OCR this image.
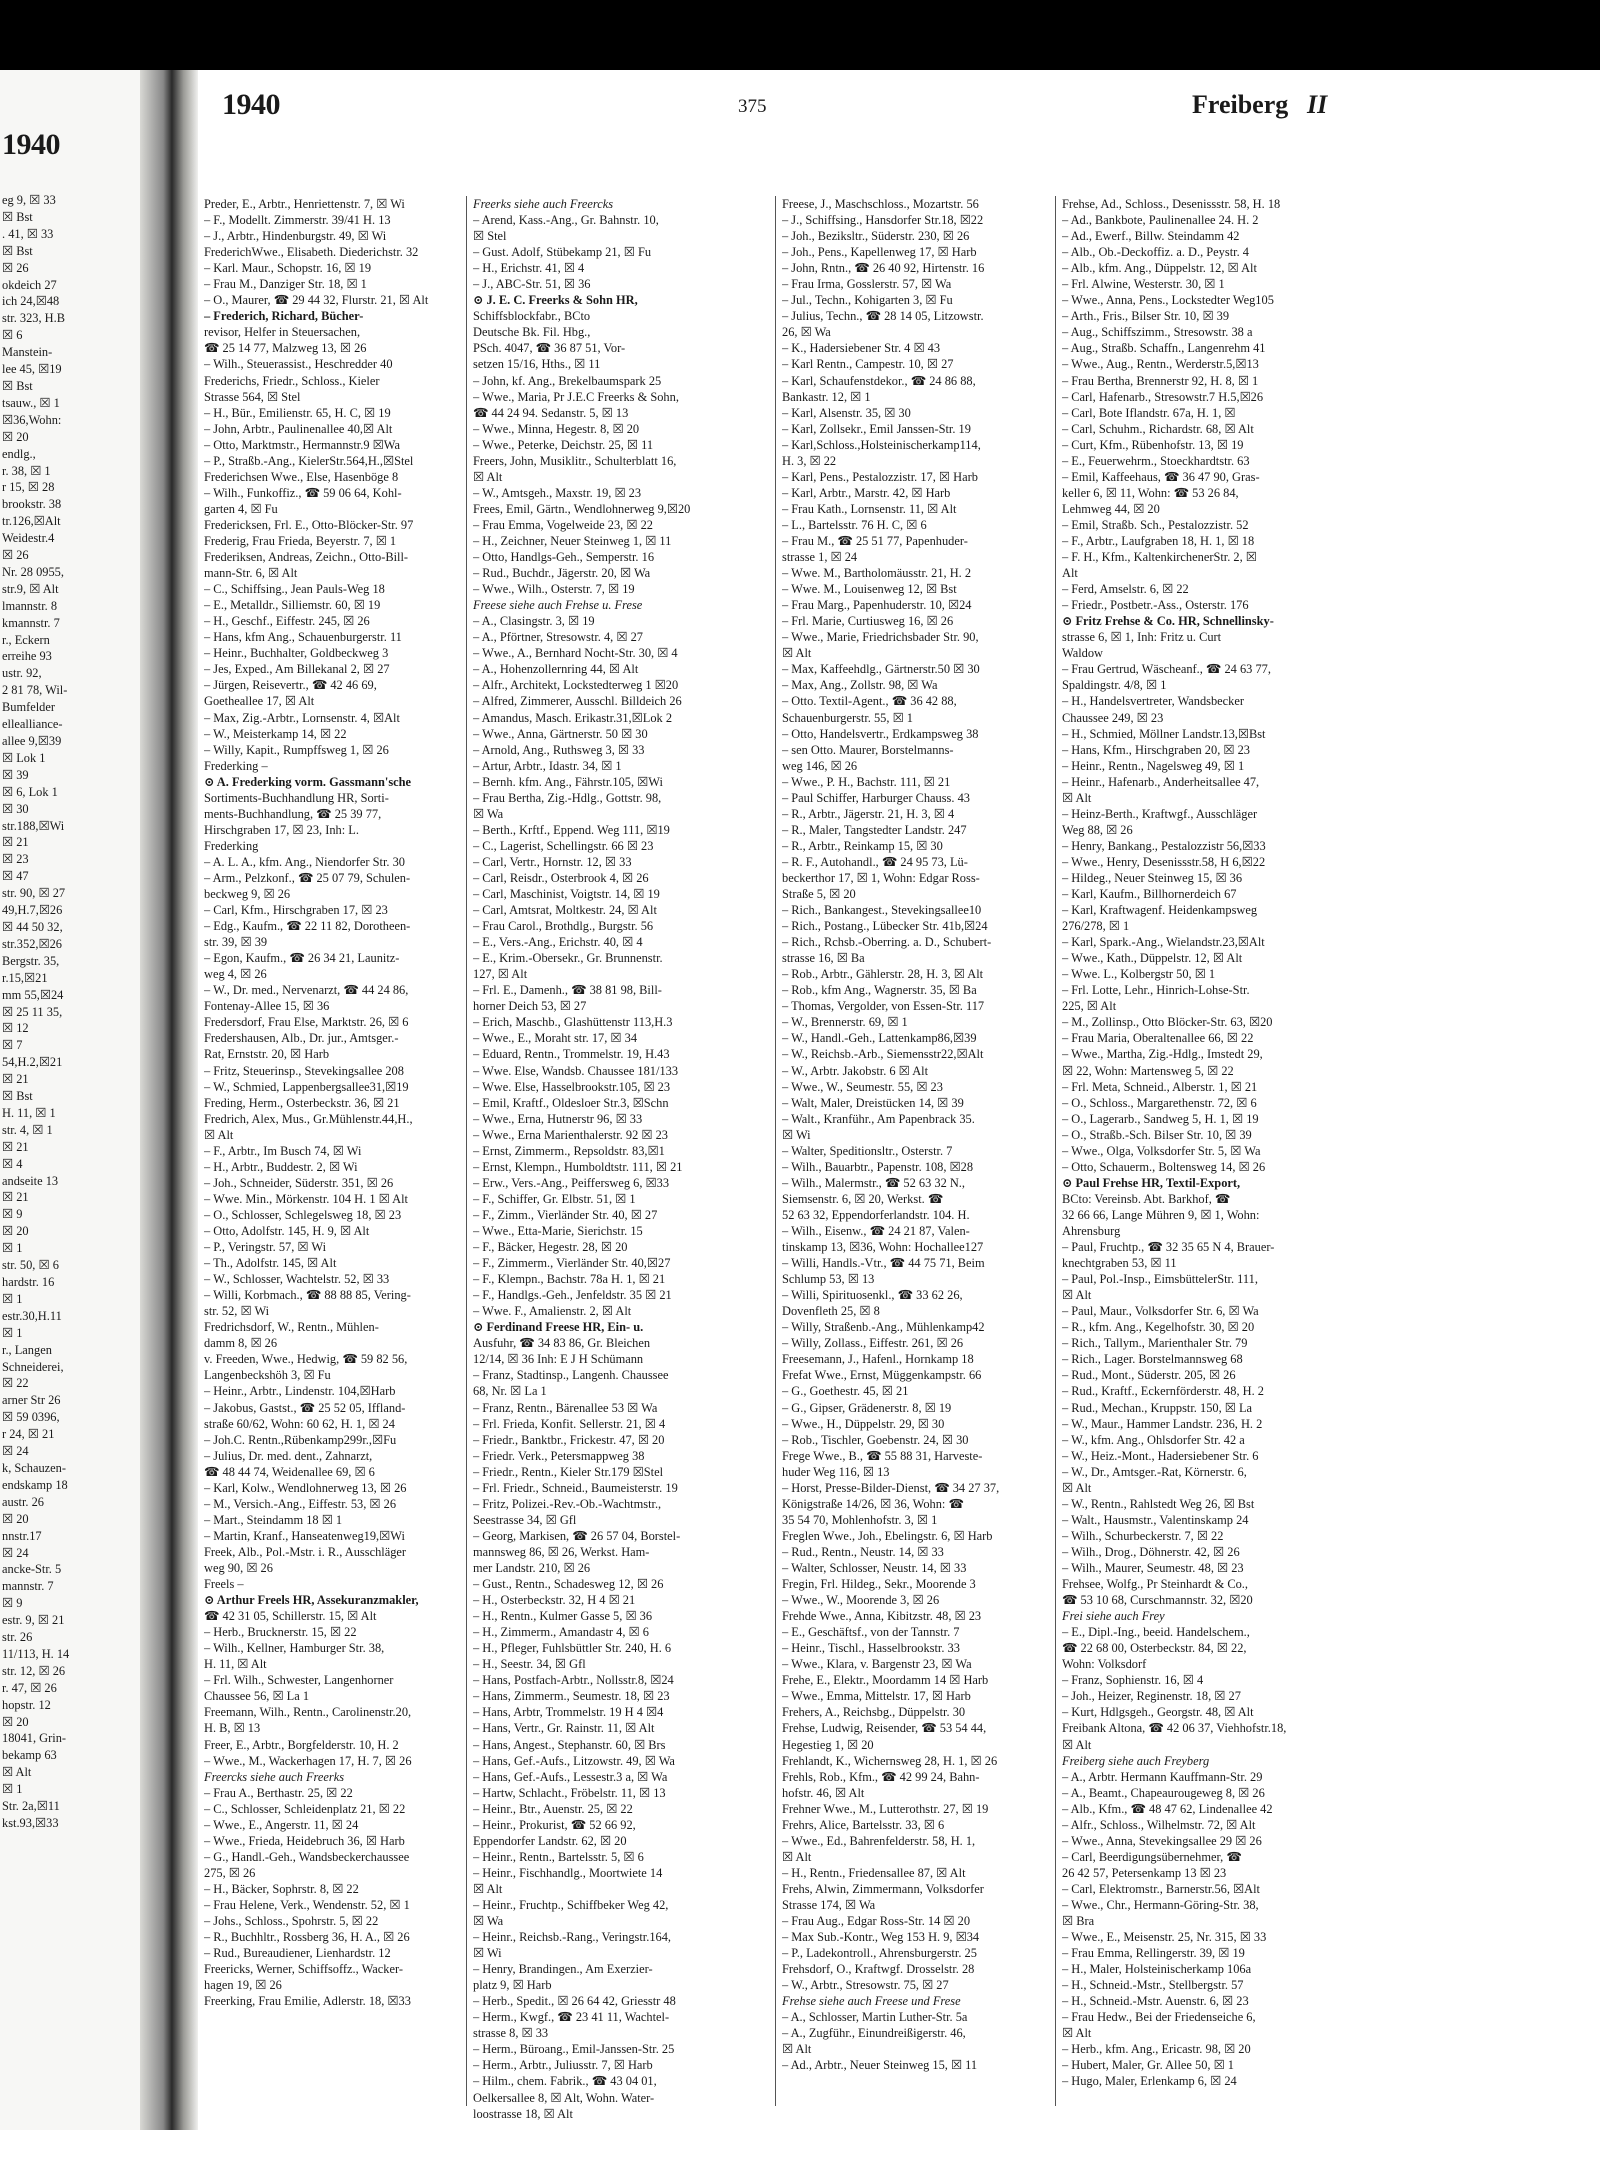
1940
eg 9, ☒ 33
☒ Bst
. 41, ☒ 33
☒ Bst
☒ 26
okdeich 27
ich 24,☒48
str. 323, H.B
☒ 6
Manstein-
lee 45, ☒19
☒ Bst
tsauw., ☒ 1
☒36,Wohn:
☒ 20
endlg.,
r. 38, ☒ 1
r 15, ☒ 28
brookstr. 38
tr.126,☒Alt
Weidestr.4
☒ 26
Nr. 28 0955,
str.9, ☒ Alt
lmannstr. 8
kmannstr. 7
r., Eckern
erreihe 93
ustr. 92,
2 81 78, Wil-
Bumfelder
ellealliance-
allee 9,☒39
☒ Lok 1
☒ 39
☒ 6, Lok 1
☒ 30
str.188,☒Wi
☒ 21
☒ 23
☒ 47
str. 90, ☒ 27
49,H.7,☒26
☒ 44 50 32,
str.352,☒26
Bergstr. 35,
r.15,☒21
mm 55,☒24
☒ 25 11 35,
☒ 12
☒ 7
54,H.2,☒21
☒ 21
☒ Bst
H. 11, ☒ 1
str. 4, ☒ 1
☒ 21
☒ 4
andseite 13
☒ 21
☒ 9
☒ 20
☒ 1
str. 50, ☒ 6
hardstr. 16
☒ 1
estr.30,H.11
☒ 1
r., Langen
Schneiderei,
☒ 22
arner Str 26
☒ 59 0396,
r 24, ☒ 21
☒ 24
k, Schauzen-
endskamp 18
austr. 26
☒ 20
nnstr.17
☒ 24
ancke-Str. 5
mannstr. 7
☒ 9
estr. 9, ☒ 21
str. 26
11/113, H. 14
str. 12, ☒ 26
r. 47, ☒ 26
hopstr. 12
☒ 20
18041, Grin-
bekamp 63
☒ Alt
☒ 1
Str. 2a,☒11
kst.93,☒33
1940	375	Freiberg II
Preder, E., Arbtr., Henriettenstr. 7, ☒ Wi
– F., Modellt. Zimmerstr. 39/41 H. 13
– J., Arbtr., Hindenburgstr. 49, ☒ Wi
FrederichWwe., Elisabeth. Diederichstr. 32
– Karl. Maur., Schopstr. 16, ☒ 19
– Frau M., Danziger Str. 18, ☒ 1
– O., Maurer, ☎ 29 44 32, Flurstr. 21, ☒ Alt
– Frederich, Richard, Bücher-
revisor, Helfer in Steuersachen,
☎ 25 14 77, Malzweg 13, ☒ 26
– Wilh., Steuerassist., Heschredder 40
Frederichs, Friedr., Schloss., Kieler
Strasse 564, ☒ Stel
– H., Bür., Emilienstr. 65, H. C, ☒ 19
– John, Arbtr., Paulinenallee 40,☒ Alt
– Otto, Marktmstr., Hermannstr.9 ☒Wa
– P., Straßb.-Ang., KielerStr.564,H.,☒Stel
Frederichsen Wwe., Else, Hasenböge 8
– Wilh., Funkoffiz., ☎ 59 06 64, Kohl-
garten 4, ☒ Fu
Fredericksen, Frl. E., Otto-Blöcker-Str. 97
Frederig, Frau Frieda, Beyerstr. 7, ☒ 1
Frederiksen, Andreas, Zeichn., Otto-Bill-
mann-Str. 6, ☒ Alt
– C., Schiffsing., Jean Pauls-Weg 18
– E., Metalldr., Silliemstr. 60, ☒ 19
– H., Geschf., Eiffestr. 245, ☒ 26
– Hans, kfm Ang., Schauenburgerstr. 11
– Heinr., Buchhalter, Goldbeckweg 3
– Jes, Exped., Am Billekanal 2, ☒ 27
– Jürgen, Reisevertr., ☎ 42 46 69,
Goetheallee 17, ☒ Alt
– Max, Zig.-Arbtr., Lornsenstr. 4, ☒Alt
– W., Meisterkamp 14, ☒ 22
– Willy, Kapit., Rumpffsweg 1, ☒ 26
Frederking –
⊙ A. Frederking vorm. Gassmann'sche
Sortiments-Buchhandlung HR, Sorti-
ments-Buchhandlung, ☎ 25 39 77,
Hirschgraben 17, ☒ 23, Inh: L.
Frederking
– A. L. A., kfm. Ang., Niendorfer Str. 30
– Arm., Pelzkonf., ☎ 25 07 79, Schulen-
beckweg 9, ☒ 26
– Carl, Kfm., Hirschgraben 17, ☒ 23
– Edg., Kaufm., ☎ 22 11 82, Dorotheen-
str. 39, ☒ 39
– Egon, Kaufm., ☎ 26 34 21, Launitz-
weg 4, ☒ 26
– W., Dr. med., Nervenarzt, ☎ 44 24 86,
Fontenay-Allee 15, ☒ 36
Fredersdorf, Frau Else, Marktstr. 26, ☒ 6
Fredershausen, Alb., Dr. jur., Amtsger.-
Rat, Ernststr. 20, ☒ Harb
– Fritz, Steuerinsp., Stevekingsallee 208
– W., Schmied, Lappenbergsallee31,☒19
Freding, Herm., Osterbeckstr. 36, ☒ 21
Fredrich, Alex, Mus., Gr.Mühlenstr.44,H.,
☒ Alt
– F., Arbtr., Im Busch 74, ☒ Wi
– H., Arbtr., Buddestr. 2, ☒ Wi
– Joh., Schneider, Süderstr. 351, ☒ 26
– Wwe. Min., Mörkenstr. 104 H. 1 ☒ Alt
– O., Schlosser, Schlegelsweg 18, ☒ 23
– Otto, Adolfstr. 145, H. 9, ☒ Alt
– P., Veringstr. 57, ☒ Wi
– Th., Adolfstr. 145, ☒ Alt
– W., Schlosser, Wachtelstr. 52, ☒ 33
– Willi, Korbmach., ☎ 88 88 85, Vering-
str. 52, ☒ Wi
Fredrichsdorf, W., Rentn., Mühlen-
damm 8, ☒ 26
v. Freeden, Wwe., Hedwig, ☎ 59 82 56,
Langenbeckshöh 3, ☒ Fu
– Heinr., Arbtr., Lindenstr. 104,☒Harb
– Jakobus, Gastst., ☎ 25 52 05, Iffland-
straße 60/62, Wohn: 60 62, H. 1, ☒ 24
– Joh.C. Rentn.,Rübenkamp299r.,☒Fu
– Julius, Dr. med. dent., Zahnarzt,
☎ 48 44 74, Weidenallee 69, ☒ 6
– Karl, Kolw., Wendlohnerweg 13, ☒ 26
– M., Versich.-Ang., Eiffestr. 53, ☒ 26
– Mart., Steindamm 18 ☒ 1
– Martin, Kranf., Hanseatenweg19,☒Wi
Freek, Alb., Pol.-Mstr. i. R., Ausschläger
weg 90, ☒ 26
Freels –
⊙ Arthur Freels HR, Assekuranzmakler,
☎ 42 31 05, Schillerstr. 15, ☒ Alt
– Herb., Brucknerstr. 15, ☒ 22
– Wilh., Kellner, Hamburger Str. 38,
H. 11, ☒ Alt
– Frl. Wilh., Schwester, Langenhorner
Chaussee 56, ☒ La 1
Freemann, Wilh., Rentn., Carolinenstr.20,
H. B, ☒ 13
Freer, E., Arbtr., Borgfelderstr. 10, H. 2
– Wwe., M., Wackerhagen 17, H. 7, ☒ 26
Freercks siehe auch Freerks
– Frau A., Berthastr. 25, ☒ 22
– C., Schlosser, Schleidenplatz 21, ☒ 22
– Wwe., E., Angerstr. 11, ☒ 24
– Wwe., Frieda, Heidebruch 36, ☒ Harb
– G., Handl.-Geh., Wandsbeckerchaussee
275, ☒ 26
– H., Bäcker, Sophrstr. 8, ☒ 22
– Frau Helene, Verk., Wendenstr. 52, ☒ 1
– Johs., Schloss., Spohrstr. 5, ☒ 22
– R., Buchhltr., Rossberg 36, H. A., ☒ 26
– Rud., Bureaudiener, Lienhardstr. 12
Freericks, Werner, Schiffsoffz., Wacker-
hagen 19, ☒ 26
Freerking, Frau Emilie, Adlerstr. 18, ☒33
Freerks siehe auch Freercks
– Arend, Kass.-Ang., Gr. Bahnstr. 10,
☒ Stel
– Gust. Adolf, Stübekamp 21, ☒ Fu
– H., Erichstr. 41, ☒ 4
– J., ABC-Str. 51, ☒ 36
⊙ J. E. C. Freerks & Sohn HR,
Schiffsblockfabr., BCto
Deutsche Bk. Fil. Hbg.,
PSch. 4047, ☎ 36 87 51, Vor-
setzen 15/16, Hths., ☒ 11
– John, kf. Ang., Brekelbaumspark 25
– Wwe., Maria, Pr J.E.C Freerks & Sohn,
☎ 44 24 94. Sedanstr. 5, ☒ 13
– Wwe., Minna, Hegestr. 8, ☒ 20
– Wwe., Peterke, Deichstr. 25, ☒ 11
Freers, John, Musiklitr., Schulterblatt 16,
☒ Alt
– W., Amtsgeh., Maxstr. 19, ☒ 23
Frees, Emil, Gärtn., Wendlohnerweg 9,☒20
– Frau Emma, Vogelweide 23, ☒ 22
– H., Zeichner, Neuer Steinweg 1, ☒ 11
– Otto, Handlgs-Geh., Semperstr. 16
– Rud., Buchdr., Jägerstr. 20, ☒ Wa
– Wwe., Wilh., Osterstr. 7, ☒ 19
Freese siehe auch Frehse u. Frese
– A., Clasingstr. 3, ☒ 19
– A., Pförtner, Stresowstr. 4, ☒ 27
– Wwe., A., Bernhard Nocht-Str. 30, ☒ 4
– A., Hohenzollernring 44, ☒ Alt
– Alfr., Architekt, Lockstedterweg 1 ☒20
– Alfred, Zimmerer, Ausschl. Billdeich 26
– Amandus, Masch. Erikastr.31,☒Lok 2
– Wwe., Anna, Gärtnerstr. 50 ☒ 30
– Arnold, Ang., Ruthsweg 3, ☒ 33
– Artur, Arbtr., Idastr. 34, ☒ 1
– Bernh. kfm. Ang., Fährstr.105, ☒Wi
– Frau Bertha, Zig.-Hdlg., Gottstr. 98,
☒ Wa
– Berth., Krftf., Eppend. Weg 111, ☒19
– C., Lagerist, Schellingstr. 66 ☒ 23
– Carl, Vertr., Hornstr. 12, ☒ 33
– Carl, Reisdr., Osterbrook 4, ☒ 26
– Carl, Maschinist, Voigtstr. 14, ☒ 19
– Carl, Amtsrat, Moltkestr. 24, ☒ Alt
– Frau Carol., Brothdlg., Burgstr. 56
– E., Vers.-Ang., Erichstr. 40, ☒ 4
– E., Krim.-Obersekr., Gr. Brunnenstr.
127, ☒ Alt
– Frl. E., Damenh., ☎ 38 81 98, Bill-
horner Deich 53, ☒ 27
– Erich, Maschb., Glashüttenstr 113,H.3
– Wwe., E., Moraht str. 17, ☒ 34
– Eduard, Rentn., Trommelstr. 19, H.43
– Wwe. Else, Wandsb. Chaussee 181/133
– Wwe. Else, Hasselbrookstr.105, ☒ 23
– Emil, Kraftf., Oldesloer Str.3, ☒Schn
– Wwe., Erna, Hutnerstr 96, ☒ 33
– Wwe., Erna Marienthalerstr. 92 ☒ 23
– Ernst, Zimmerm., Repsoldstr. 83,☒1
– Ernst, Klempn., Humboldtstr. 111, ☒ 21
– Erw., Vers.-Ang., Peiffersweg 6, ☒33
– F., Schiffer, Gr. Elbstr. 51, ☒ 1
– F., Zimm., Vierländer Str. 40, ☒ 27
– Wwe., Etta-Marie, Sierichstr. 15
– F., Bäcker, Hegestr. 28, ☒ 20
– F., Zimmerm., Vierländer Str. 40,☒27
– F., Klempn., Bachstr. 78a H. 1, ☒ 21
– F., Handlgs.-Geh., Jenfeldstr. 35 ☒ 21
– Wwe. F., Amalienstr. 2, ☒ Alt
⊙ Ferdinand Freese HR, Ein- u.
Ausfuhr, ☎ 34 83 86, Gr. Bleichen
12/14, ☒ 36 Inh: E J H Schümann
– Franz, Stadtinsp., Langenh. Chaussee
68, Nr. ☒ La 1
– Franz, Rentn., Bärenallee 53 ☒ Wa
– Frl. Frieda, Konfit. Sellerstr. 21, ☒ 4
– Friedr., Banktbr., Frickestr. 47, ☒ 20
– Friedr. Verk., Petersmappweg 38
– Friedr., Rentn., Kieler Str.179 ☒Stel
– Frl. Friedr., Schneid., Baumeisterstr. 19
– Fritz, Polizei.-Rev.-Ob.-Wachtmstr.,
Seestrasse 34, ☒ Gfl
– Georg, Markisen, ☎ 26 57 04, Borstel-
mannsweg 86, ☒ 26, Werkst. Ham-
mer Landstr. 210, ☒ 26
– Gust., Rentn., Schadesweg 12, ☒ 26
– H., Osterbeckstr. 32, H 4 ☒ 21
– H., Rentn., Kulmer Gasse 5, ☒ 36
– H., Zimmerm., Amandastr 4, ☒ 6
– H., Pfleger, Fuhlsbüttler Str. 240, H. 6
– H., Seestr. 34, ☒ Gfl
– Hans, Postfach-Arbtr., Nollsstr.8, ☒24
– Hans, Zimmerm., Seumestr. 18, ☒ 23
– Hans, Arbtr, Trommelstr. 19 H 4 ☒4
– Hans, Vertr., Gr. Rainstr. 11, ☒ Alt
– Hans, Angest., Stephanstr. 60, ☒ Brs
– Hans, Gef.-Aufs., Litzowstr. 49, ☒ Wa
– Hans, Gef.-Aufs., Lessestr.3 a, ☒ Wa
– Hartw, Schlacht., Fröbelstr. 11, ☒ 13
– Heinr., Btr., Auenstr. 25, ☒ 22
– Heinr., Prokurist, ☎ 52 66 92,
Eppendorfer Landstr. 62, ☒ 20
– Heinr., Rentn., Bartelsstr. 5, ☒ 6
– Heinr., Fischhandlg., Moortwiete 14
☒ Alt
– Heinr., Fruchtp., Schiffbeker Weg 42,
☒ Wa
– Heinr., Reichsb.-Rang., Veringstr.164,
☒ Wi
– Henry, Brandingen., Am Exerzier-
platz 9, ☒ Harb
– Herb., Spedit., ☒ 26 64 42, Griesstr 48
– Herm., Kwgf., ☎ 23 41 11, Wachtel-
strasse 8, ☒ 33
– Herm., Büroang., Emil-Janssen-Str. 25
– Herm., Arbtr., Juliusstr. 7, ☒ Harb
– Hilm., chem. Fabrik., ☎ 43 04 01,
Oelkersallee 8, ☒ Alt, Wohn. Water-
loostrasse 18, ☒ Alt
Freese, J., Maschschloss., Mozartstr. 56
– J., Schiffsing., Hansdorfer Str.18, ☒22
– Joh., Beziksltr., Süderstr. 230, ☒ 26
– Joh., Pens., Kapellenweg 17, ☒ Harb
– John, Rntn., ☎ 26 40 92, Hirtenstr. 16
– Frau Irma, Gosslerstr. 57, ☒ Wa
– Jul., Techn., Kohigarten 3, ☒ Fu
– Julius, Techn., ☎ 28 14 05, Litzowstr.
26, ☒ Wa
– K., Hadersiebener Str. 4 ☒ 43
– Karl Rentn., Campestr. 10, ☒ 27
– Karl, Schaufenstdekor., ☎ 24 86 88,
Bankastr. 12, ☒ 1
– Karl, Alsenstr. 35, ☒ 30
– Karl, Zollsekr., Emil Janssen-Str. 19
– Karl,Schloss.,Holsteinischerkamp114,
H. 3, ☒ 22
– Karl, Pens., Pestalozzistr. 17, ☒ Harb
– Karl, Arbtr., Marstr. 42, ☒ Harb
– Frau Kath., Lornsenstr. 11, ☒ Alt
– L., Bartelsstr. 76 H. C, ☒ 6
– Frau M., ☎ 25 51 77, Papenhuder-
strasse 1, ☒ 24
– Wwe. M., Bartholomäusstr. 21, H. 2
– Wwe. M., Louisenweg 12, ☒ Bst
– Frau Marg., Papenhuderstr. 10, ☒24
– Frl. Marie, Curtiusweg 16, ☒ 26
– Wwe., Marie, Friedrichsbader Str. 90,
☒ Alt
– Max, Kaffeehdlg., Gärtnerstr.50 ☒ 30
– Max, Ang., Zollstr. 98, ☒ Wa
– Otto. Textil-Agent., ☎ 36 42 88,
Schauenburgerstr. 55, ☒ 1
– Otto, Handelsvertr., Erdkampsweg 38
– sen Otto. Maurer, Borstelmanns-
weg 146, ☒ 26
– Wwe., P. H., Bachstr. 111, ☒ 21
– Paul Schiffer, Harburger Chauss. 43
– R., Arbtr., Jägerstr. 21, H. 3, ☒ 4
– R., Maler, Tangstedter Landstr. 247
– R., Arbtr., Reinkamp 15, ☒ 30
– R. F., Autohandl., ☎ 24 95 73, Lü-
beckerthor 17, ☒ 1, Wohn: Edgar Ross-
Straße 5, ☒ 20
– Rich., Bankangest., Stevekingsallee10
– Rich., Postang., Lübecker Str. 41b,☒24
– Rich., Rchsb.-Oberring. a. D., Schubert-
strasse 16, ☒ Ba
– Rob., Arbtr., Gählerstr. 28, H. 3, ☒ Alt
– Rob., kfm Ang., Wagnerstr. 35, ☒ Ba
– Thomas, Vergolder, von Essen-Str. 117
– W., Brennerstr. 69, ☒ 1
– W., Handl.-Geh., Lattenkamp86,☒39
– W., Reichsb.-Arb., Siemensstr22,☒Alt
– W., Arbtr. Jakobstr. 6 ☒ Alt
– Wwe., W., Seumestr. 55, ☒ 23
– Walt, Maler, Dreistücken 14, ☒ 39
– Walt., Kranführ., Am Papenbrack 35.
☒ Wi
– Walter, Speditionsltr., Osterstr. 7
– Wilh., Bauarbtr., Papenstr. 108, ☒28
– Wilh., Malermstr., ☎ 52 63 32 N.,
Siemsenstr. 6, ☒ 20, Werkst. ☎
52 63 32, Eppendorferlandstr. 104. H.
– Wilh., Eisenw., ☎ 24 21 87, Valen-
tinskamp 13, ☒36, Wohn: Hochallee127
– Willi, Handls.-Vtr., ☎ 44 75 71, Beim
Schlump 53, ☒ 13
– Willi, Spirituosenkl., ☎ 33 62 26,
Dovenfleth 25, ☒ 8
– Willy, Straßenb.-Ang., Mühlenkamp42
– Willy, Zollass., Eiffestr. 261, ☒ 26
Freesemann, J., Hafenl., Hornkamp 18
Frefat Wwe., Ernst, Müggenkampstr. 66
– G., Goethestr. 45, ☒ 21
– G., Gipser, Grädenerstr. 8, ☒ 19
– Wwe., H., Düppelstr. 29, ☒ 30
– Rob., Tischler, Goebenstr. 24, ☒ 30
Frege Wwe., B., ☎ 55 88 31, Harveste-
huder Weg 116, ☒ 13
– Horst, Presse-Bilder-Dienst, ☎ 34 27 37,
Königstraße 14/26, ☒ 36, Wohn: ☎
35 54 70, Mohlenhofstr. 3, ☒ 1
Freglen Wwe., Joh., Ebelingstr. 6, ☒ Harb
– Rud., Rentn., Neustr. 14, ☒ 33
– Walter, Schlosser, Neustr. 14, ☒ 33
Fregin, Frl. Hildeg., Sekr., Moorende 3
– Wwe., W., Moorende 3, ☒ 26
Frehde Wwe., Anna, Kibitzstr. 48, ☒ 23
– E., Geschäftsf., von der Tannstr. 7
– Heinr., Tischl., Hasselbrookstr. 33
– Wwe., Klara, v. Bargenstr 23, ☒ Wa
Frehe, E., Elektr., Moordamm 14 ☒ Harb
– Wwe., Emma, Mittelstr. 17, ☒ Harb
Frehers, A., Reichsbg., Düppelstr. 30
Frehse, Ludwig, Reisender, ☎ 53 54 44,
Hegestieg 1, ☒ 20
Frehlandt, K., Wichernsweg 28, H. 1, ☒ 26
Frehls, Rob., Kfm., ☎ 42 99 24, Bahn-
hofstr. 46, ☒ Alt
Frehner Wwe., M., Lutterothstr. 27, ☒ 19
Frehrs, Alice, Bartelsstr. 33, ☒ 6
– Wwe., Ed., Bahrenfelderstr. 58, H. 1,
☒ Alt
– H., Rentn., Friedensallee 87, ☒ Alt
Frehs, Alwin, Zimmermann, Volksdorfer
Strasse 174, ☒ Wa
– Frau Aug., Edgar Ross-Str. 14 ☒ 20
– Max Sub.-Kontr., Weg 153 H. 9, ☒34
– P., Ladekontroll., Ahrensburgerstr. 25
Frehsdorf, O., Kraftwgf. Drosselstr. 28
– W., Arbtr., Stresowstr. 75, ☒ 27
Frehse siehe auch Freese und Frese
– A., Schlosser, Martin Luther-Str. 5a
– A., Zugführ., Einundreißigerstr. 46,
☒ Alt
– Ad., Arbtr., Neuer Steinweg 15, ☒ 11
Frehse, Ad., Schloss., Desenissstr. 58, H. 18
– Ad., Bankbote, Paulinenallee 24. H. 2
– Ad., Ewerf., Billw. Steindamm 42
– Alb., Ob.-Deckoffiz. a. D., Peystr. 4
– Alb., kfm. Ang., Düppelstr. 12, ☒ Alt
– Frl. Alwine, Westerstr. 30, ☒ 1
– Wwe., Anna, Pens., Lockstedter Weg105
– Arth., Fris., Bilser Str. 10, ☒ 39
– Aug., Schiffszimm., Stresowstr. 38 a
– Aug., Straßb. Schaffn., Langenrehm 41
– Wwe., Aug., Rentn., Werderstr.5,☒13
– Frau Bertha, Brennerstr 92, H. 8, ☒ 1
– Carl, Hafenarb., Stresowstr.7 H.5,☒26
– Carl, Bote Iflandstr. 67a, H. 1, ☒
– Carl, Schuhm., Richardstr. 68, ☒ Alt
– Curt, Kfm., Rübenhofstr. 13, ☒ 19
– E., Feuerwehrm., Stoeckhardtstr. 63
– Emil, Kaffeehaus, ☎ 36 47 90, Gras-
keller 6, ☒ 11, Wohn: ☎ 53 26 84,
Lehmweg 44, ☒ 20
– Emil, Straßb. Sch., Pestalozzistr. 52
– F., Arbtr., Laufgraben 18, H. 1, ☒ 18
– F. H., Kfm., KaltenkirchenerStr. 2, ☒
Alt
– Ferd, Amselstr. 6, ☒ 22
– Friedr., Postbetr.-Ass., Osterstr. 176
⊙ Fritz Frehse & Co. HR, Schnellinsky-
strasse 6, ☒ 1, Inh: Fritz u. Curt
Waldow
– Frau Gertrud, Wäscheanf., ☎ 24 63 77,
Spaldingstr. 4/8, ☒ 1
– H., Handelsvertreter, Wandsbecker
Chaussee 249, ☒ 23
– H., Schmied, Möllner Landstr.13,☒Bst
– Hans, Kfm., Hirschgraben 20, ☒ 23
– Heinr., Rentn., Nagelsweg 49, ☒ 1
– Heinr., Hafenarb., Anderheitsallee 47,
☒ Alt
– Heinz-Berth., Kraftwgf., Ausschläger
Weg 88, ☒ 26
– Henry, Bankang., Pestalozzistr 56,☒33
– Wwe., Henry, Desenissstr.58, H 6,☒22
– Hildeg., Neuer Steinweg 15, ☒ 36
– Karl, Kaufm., Billhornerdeich 67
– Karl, Kraftwagenf. Heidenkampsweg
276/278, ☒ 1
– Karl, Spark.-Ang., Wielandstr.23,☒Alt
– Wwe., Kath., Düppelstr. 12, ☒ Alt
– Wwe. L., Kolbergstr 50, ☒ 1
– Frl. Lotte, Lehr., Hinrich-Lohse-Str.
225, ☒ Alt
– M., Zollinsp., Otto Blöcker-Str. 63, ☒20
– Frau Maria, Oberaltenallee 66, ☒ 22
– Wwe., Martha, Zig.-Hdlg., Imstedt 29,
☒ 22, Wohn: Martensweg 5, ☒ 22
– Frl. Meta, Schneid., Alberstr. 1, ☒ 21
– O., Schloss., Margarethenstr. 72, ☒ 6
– O., Lagerarb., Sandweg 5, H. 1, ☒ 19
– O., Straßb.-Sch. Bilser Str. 10, ☒ 39
– Wwe., Olga, Volksdorfer Str. 5, ☒ Wa
– Otto, Schauerm., Boltensweg 14, ☒ 26
⊙ Paul Frehse HR, Textil-Export,
BCto: Vereinsb. Abt. Barkhof, ☎
32 66 66, Lange Mühren 9, ☒ 1, Wohn:
Ahrensburg
– Paul, Fruchtp., ☎ 32 35 65 N 4, Brauer-
knechtgraben 53, ☒ 11
– Paul, Pol.-Insp., EimsbüttelerStr. 111,
☒ Alt
– Paul, Maur., Volksdorfer Str. 6, ☒ Wa
– R., kfm. Ang., Kegelhofstr. 30, ☒ 20
– Rich., Tallym., Marienthaler Str. 79
– Rich., Lager. Borstelmannsweg 68
– Rud., Mont., Süderstr. 205, ☒ 26
– Rud., Kraftf., Eckernförderstr. 48, H. 2
– Rud., Mechan., Kruppstr. 150, ☒ La
– W., Maur., Hammer Landstr. 236, H. 2
– W., kfm. Ang., Ohlsdorfer Str. 42 a
– W., Heiz.-Mont., Hadersiebener Str. 6
– W., Dr., Amtsger.-Rat, Körnerstr. 6,
☒ Alt
– W., Rentn., Rahlstedt Weg 26, ☒ Bst
– Walt., Hausmstr., Valentinskamp 24
– Wilh., Schurbeckerstr. 7, ☒ 22
– Wilh., Drog., Döhnerstr. 42, ☒ 26
– Wilh., Maurer, Seumestr. 48, ☒ 23
Frehsee, Wolfg., Pr Steinhardt & Co.,
☎ 53 10 68, Curschmannstr. 32, ☒20
Frei siehe auch Frey
– E., Dipl.-Ing., beeid. Handelschem.,
☎ 22 68 00, Osterbeckstr. 84, ☒ 22,
Wohn: Volksdorf
– Franz, Sophienstr. 16, ☒ 4
– Joh., Heizer, Reginenstr. 18, ☒ 27
– Kurt, Hdlgsgeh., Georgstr. 48, ☒ Alt
Freibank Altona, ☎ 42 06 37, Viehhofstr.18,
☒ Alt
Freiberg siehe auch Freyberg
– A., Arbtr. Hermann Kauffmann-Str. 29
– A., Beamt., Chapeaurougeweg 8, ☒ 26
– Alb., Kfm., ☎ 48 47 62, Lindenallee 42
– Alfr., Schloss., Wilhelmstr. 72, ☒ Alt
– Wwe., Anna, Stevekingsallee 29 ☒ 26
– Carl, Beerdigungsübernehmer, ☎
26 42 57, Petersenkamp 13 ☒ 23
– Carl, Elektromstr., Barnerstr.56, ☒Alt
– Wwe., Chr., Hermann-Göring-Str. 38,
☒ Bra
– Wwe., E., Meisenstr. 25, Nr. 315, ☒ 33
– Frau Emma, Rellingerstr. 39, ☒ 19
– H., Maler, Holsteinischerkamp 106a
– H., Schneid.-Mstr., Stellbergstr. 57
– H., Schneid.-Mstr. Auenstr. 6, ☒ 23
– Frau Hedw., Bei der Friedenseiche 6,
☒ Alt
– Herb., kfm. Ang., Ericastr. 98, ☒ 20
– Hubert, Maler, Gr. Allee 50, ☒ 1
– Hugo, Maler, Erlenkamp 6, ☒ 24
